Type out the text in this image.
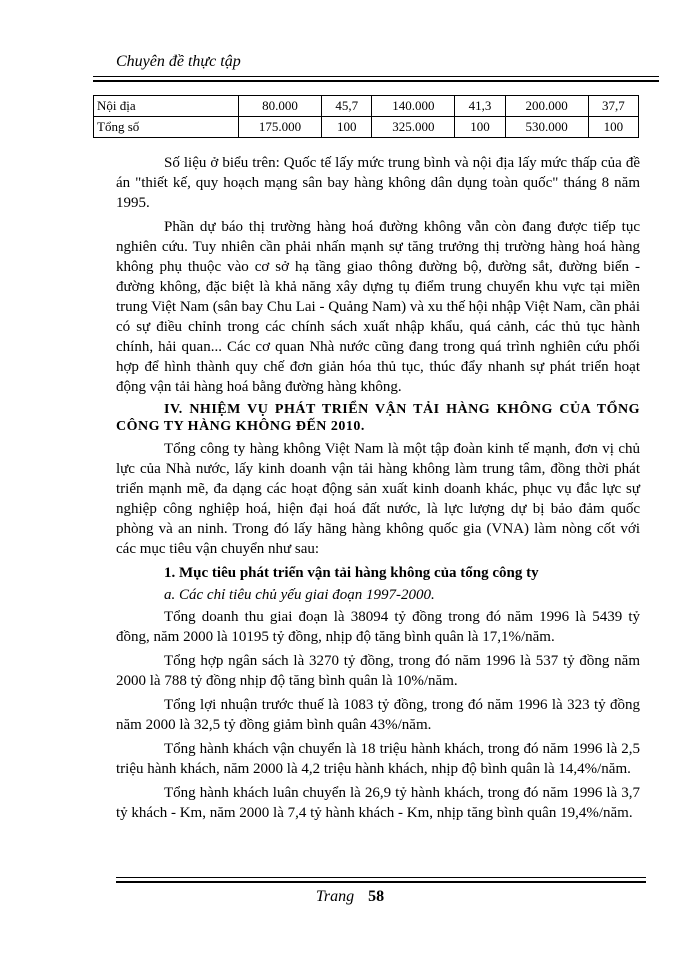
Chuyên đề thực tập
Nội địa	80.000	45,7	140.000	41,3	200.000	37,7
Tổng số	175.000	100	325.000	100	530.000	100

Số liệu ở biểu trên: Quốc tế lấy mức trung bình và nội địa lấy mức thấp của đề án "thiết kế, quy hoạch mạng sân bay hàng không dân dụng toàn quốc" tháng 8 năm 1995.

Phần dự báo thị trường hàng hoá đường không vẫn còn đang được tiếp tục nghiên cứu. Tuy nhiên cần phải nhấn mạnh sự tăng trưởng thị trường hàng hoá hàng không phụ thuộc vào cơ sở hạ tầng giao thông đường bộ, đường sắt, đường biển - đường không, đặc biệt là khả năng xây dựng tụ điểm trung chuyển khu vực tại miền trung Việt Nam (sân bay Chu Lai - Quảng Nam) và xu thế hội nhập Việt Nam, cần phải có sự điều chỉnh trong các chính sách xuất nhập khẩu, quá cảnh, các thủ tục hành chính, hải quan... Các cơ quan Nhà nước cũng đang trong quá trình nghiên cứu phối hợp để hình thành quy chế đơn giản hóa thủ tục, thúc đẩy nhanh sự phát triển hoạt động vận tải hàng hoá bằng đường hàng không.

IV. NHIỆM VỤ PHÁT TRIỂN VẬN TẢI HÀNG KHÔNG CỦA TỔNG CÔNG TY HÀNG KHÔNG ĐẾN 2010.

Tổng công ty hàng không Việt Nam là một tập đoàn kinh tế mạnh, đơn vị chủ lực của Nhà nước, lấy kinh doanh vận tải hàng không làm trung tâm, đồng thời phát triển mạnh mẽ, đa dạng các hoạt động sản xuất kinh doanh khác, phục vụ đắc lực sự nghiệp công nghiệp hoá, hiện đại hoá đất nước, là lực lượng dự bị bảo đảm quốc phòng và an ninh. Trong đó lấy hãng hàng không quốc gia (VNA) làm nòng cốt với các mục tiêu vận chuyển như sau:

1. Mục tiêu phát triển vận tải hàng không của tổng công ty

a. Các chỉ tiêu chủ yếu giai đoạn 1997-2000.

Tổng doanh thu giai đoạn là 38094 tỷ đồng trong đó năm 1996 là 5439 tỷ đồng, năm 2000 là 10195 tỷ đồng, nhịp độ tăng bình quân là 17,1%/năm.

Tổng hợp ngân sách là 3270 tỷ đồng, trong đó năm 1996 là 537 tỷ đồng năm 2000 là 788 tỷ đồng nhịp độ tăng bình quân là 10%/năm.

Tổng lợi nhuận trước thuế là 1083 tỷ đồng, trong đó năm 1996 là 323 tỷ đồng năm 2000 là 32,5 tỷ đồng giảm bình quân 43%/năm.

Tổng hành khách vận chuyển là 18 triệu hành khách, trong đó năm 1996 là 2,5 triệu hành khách, năm 2000 là 4,2 triệu hành khách, nhịp độ bình quân là 14,4%/năm.

Tổng hành khách luân chuyển là 26,9 tỷ hành khách, trong đó năm 1996 là 3,7 tỷ khách - Km, năm 2000 là 7,4 tỷ hành khách - Km, nhịp tăng bình quân 19,4%/năm.

Trang 58
